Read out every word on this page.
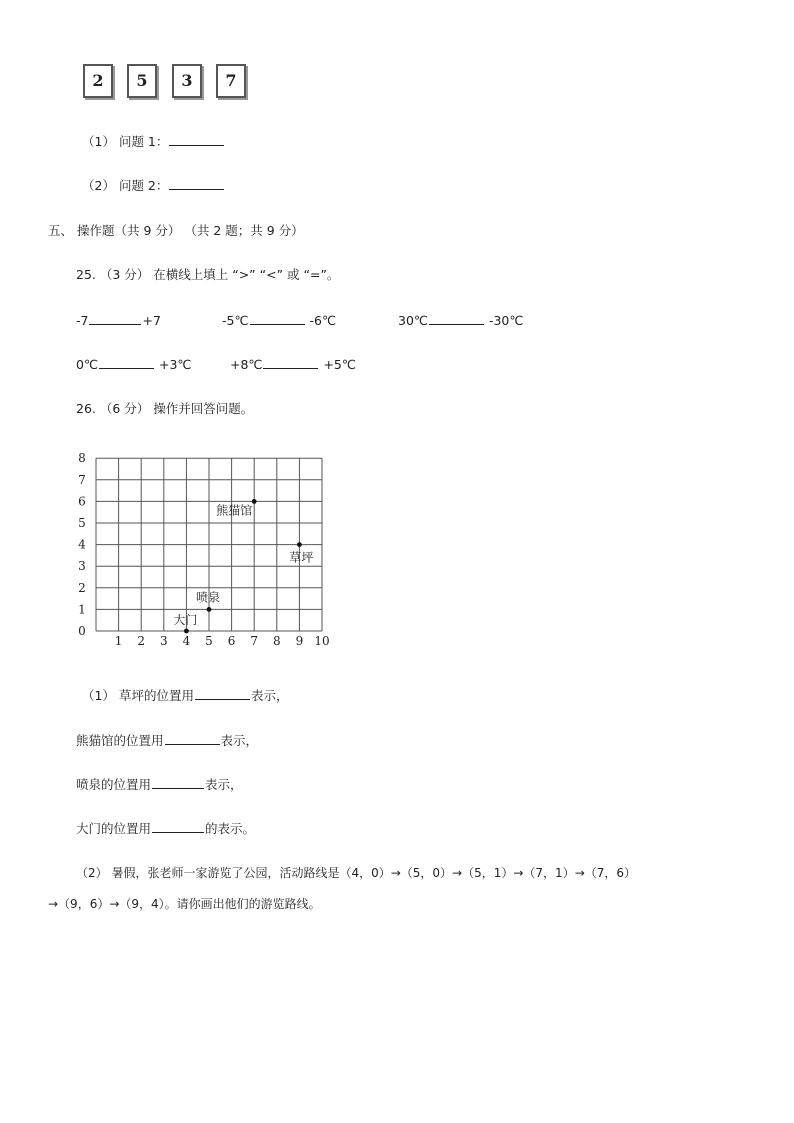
2	5	3	7
（1） 问题 1：
（2） 问题 2：
五、 操作题（共 9 分） （共 2 题；共 9 分）
25. （3 分） 在横线上填上 “>” “<” 或 “=”。
-7	+7	-5℃	-6℃	30℃	-30℃
0℃	+3℃	+8℃	+5℃
26. （6 分） 操作并回答问题。
1 2 3 4 5 6 7 8 9 10
0
1
2
3
4
5
6
7
8
熊猫馆
草坪
喷泉
大门
（1） 草坪的位置用	表示，
熊猫馆的位置用	表示，
喷泉的位置用	表示，
大门的位置用	的表示。
（2） 暑假，张老师一家游览了公园，活动路线是（4，0）→（5，0）→（5，1）→（7，1）→（7，6）
→（9，6）→（9，4）。请你画出他们的游览路线。
